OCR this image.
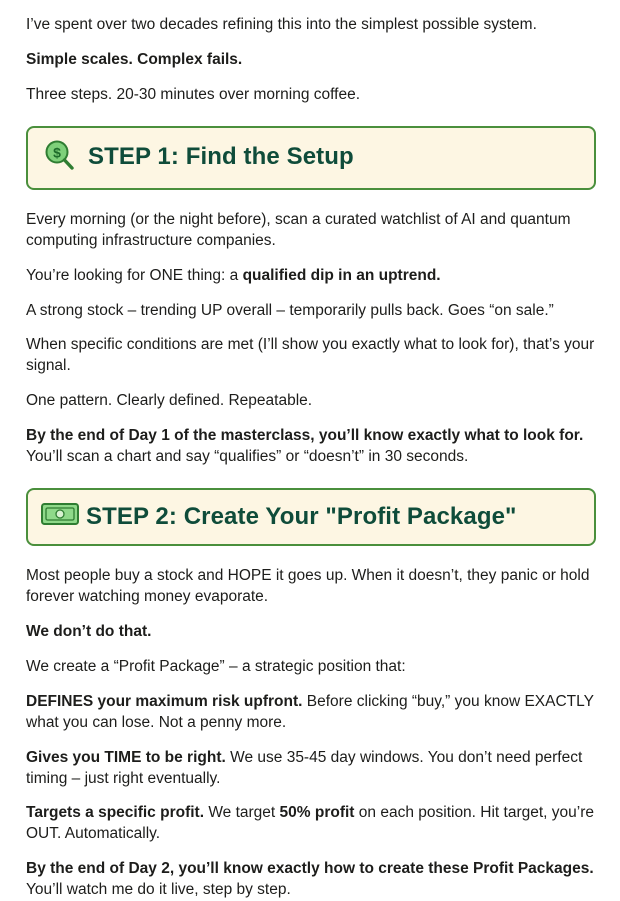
I’ve spent over two decades refining this into the simplest possible system.

Simple scales. Complex fails.

Three steps. 20-30 minutes over morning coffee.

$ STEP 1: Find the Setup

Every morning (or the night before), scan a curated watchlist of AI and quantum computing infrastructure companies.

You’re looking for ONE thing: a qualified dip in an uptrend.

A strong stock – trending UP overall – temporarily pulls back. Goes “on sale.”

When specific conditions are met (I’ll show you exactly what to look for), that’s your signal.

One pattern. Clearly defined. Repeatable.

By the end of Day 1 of the masterclass, you’ll know exactly what to look for. You’ll scan a chart and say “qualifies” or “doesn’t” in 30 seconds.

STEP 2: Create Your "Profit Package"

Most people buy a stock and HOPE it goes up. When it doesn’t, they panic or hold forever watching money evaporate.

We don’t do that.

We create a “Profit Package” – a strategic position that:

DEFINES your maximum risk upfront. Before clicking “buy,” you know EXACTLY what you can lose. Not a penny more.

Gives you TIME to be right. We use 35-45 day windows. You don’t need perfect timing – just right eventually.

Targets a specific profit. We target 50% profit on each position. Hit target, you’re OUT. Automatically.

By the end of Day 2, you’ll know exactly how to create these Profit Packages. You’ll watch me do it live, step by step.
